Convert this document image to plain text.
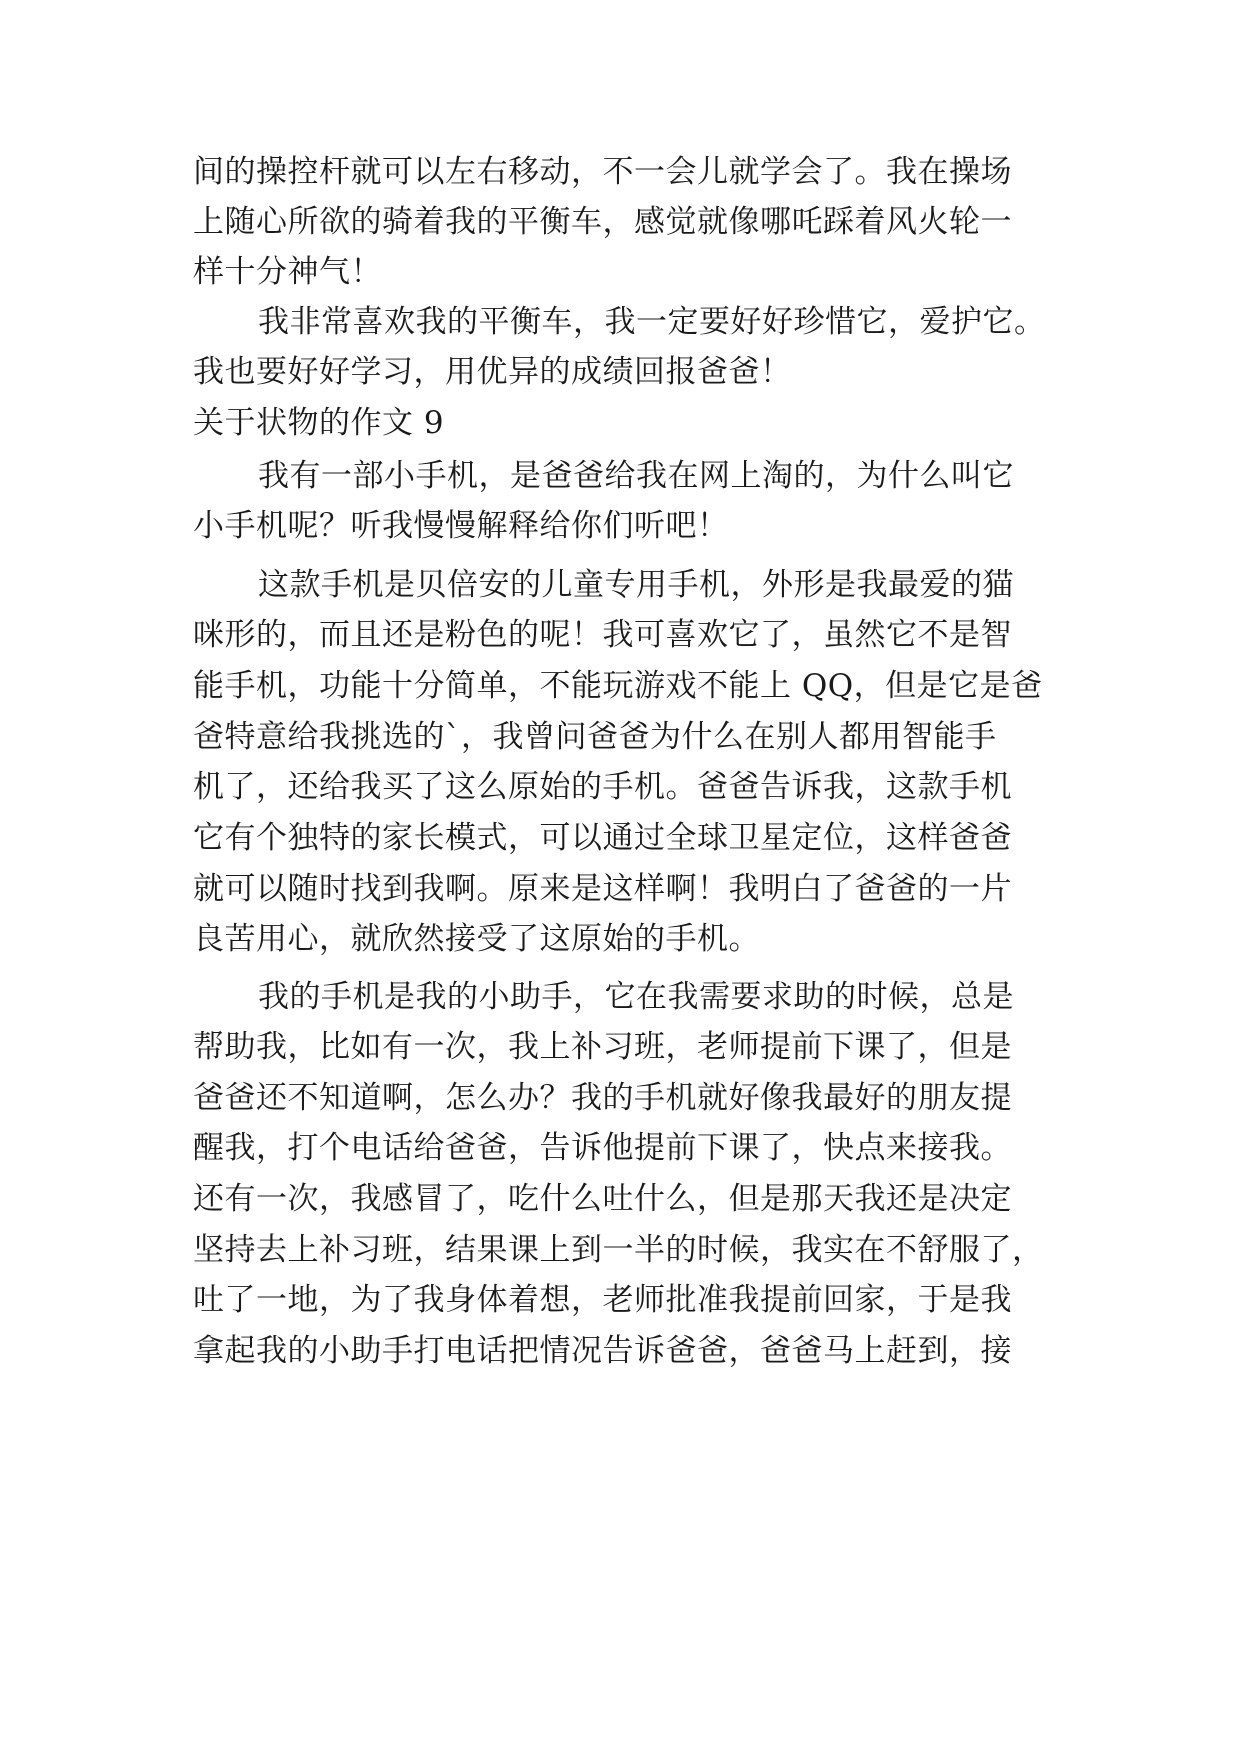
间的操控杆就可以左右移动，不一会儿就学会了。我在操场
上随心所欲的骑着我的平衡车，感觉就像哪吒踩着风火轮一
样十分神气！
我非常喜欢我的平衡车，我一定要好好珍惜它，爱护它。
我也要好好学习，用优异的成绩回报爸爸！
关于状物的作文 9
我有一部小手机，是爸爸给我在网上淘的，为什么叫它
小手机呢？听我慢慢解释给你们听吧！
这款手机是贝倍安的儿童专用手机，外形是我最爱的猫
咪形的，而且还是粉色的呢！我可喜欢它了，虽然它不是智
能手机，功能十分简单，不能玩游戏不能上 QQ，但是它是爸
爸特意给我挑选的`，我曾问爸爸为什么在别人都用智能手
机了，还给我买了这么原始的手机。爸爸告诉我，这款手机
它有个独特的家长模式，可以通过全球卫星定位，这样爸爸
就可以随时找到我啊。原来是这样啊！我明白了爸爸的一片
良苦用心，就欣然接受了这原始的手机。
我的手机是我的小助手，它在我需要求助的时候，总是
帮助我，比如有一次，我上补习班，老师提前下课了，但是
爸爸还不知道啊，怎么办？我的手机就好像我最好的朋友提
醒我，打个电话给爸爸，告诉他提前下课了，快点来接我。
还有一次，我感冒了，吃什么吐什么，但是那天我还是决定
坚持去上补习班，结果课上到一半的时候，我实在不舒服了，
吐了一地，为了我身体着想，老师批准我提前回家，于是我
拿起我的小助手打电话把情况告诉爸爸，爸爸马上赶到，接
